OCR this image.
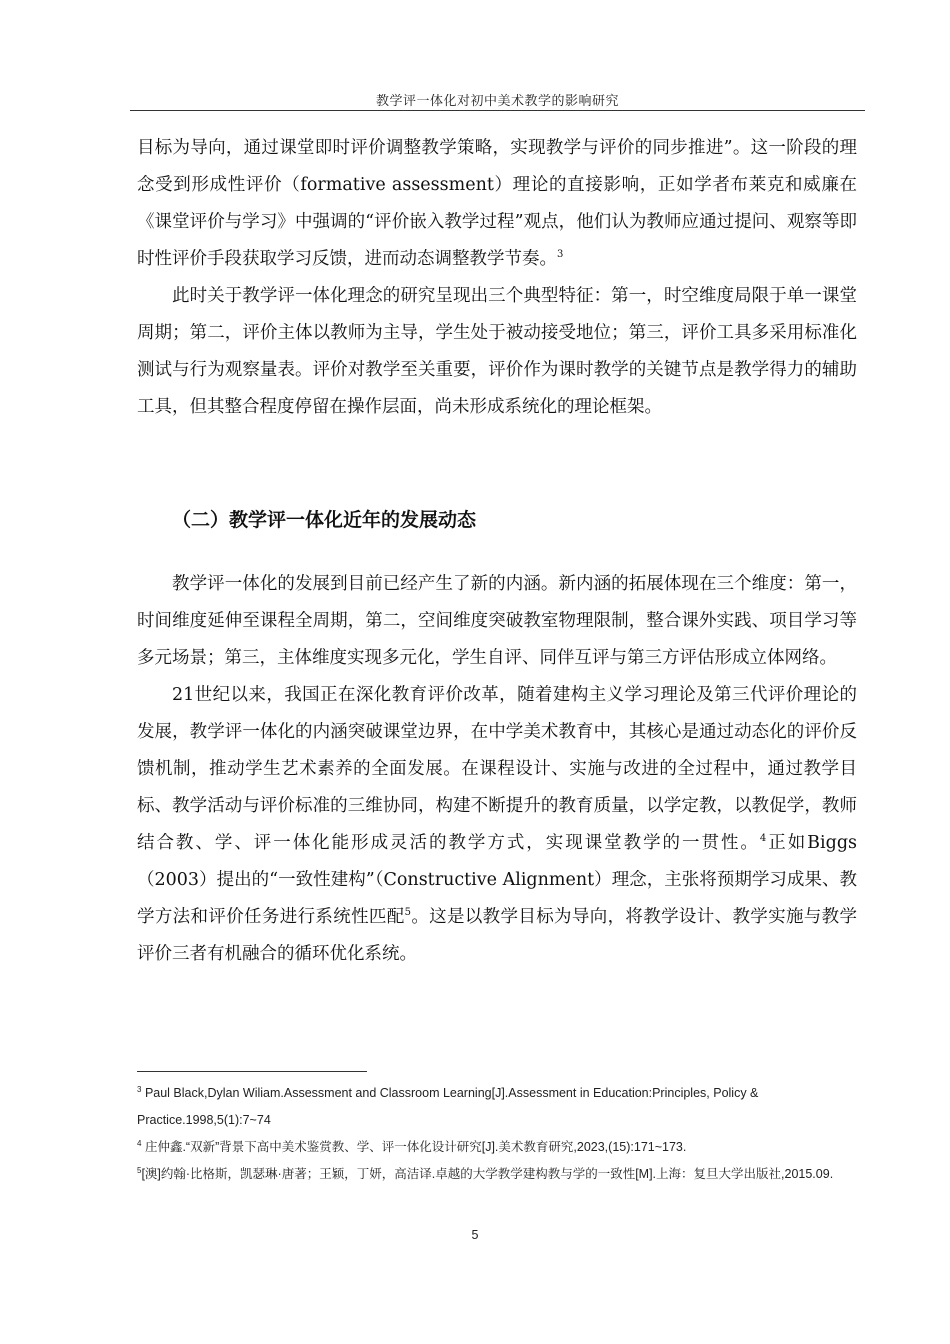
教学评一体化对初中美术教学的影响研究

目标为导向，通过课堂即时评价调整教学策略，实现教学与评价的同步推进”。这一阶段的理念受到形成性评价（formative assessment）理论的直接影响，正如学者布莱克和威廉在《课堂评价与学习》中强调的“评价嵌入教学过程”观点，他们认为教师应通过提问、观察等即时性评价手段获取学习反馈，进而动态调整教学节奏。$^3$

此时关于教学评一体化理念的研究呈现出三个典型特征：第一，时空维度局限于单一课堂周期；第二，评价主体以教师为主导，学生处于被动接受地位；第三，评价工具多采用标准化测试与行为观察量表。评价对教学至关重要，评价作为课时教学的关键节点是教学得力的辅助工具，但其整合程度停留在操作层面，尚未形成系统化的理论框架。

（二）教学评一体化近年的发展动态

教学评一体化的发展到目前已经产生了新的内涵。新内涵的拓展体现在三个维度：第一，时间维度延伸至课程全周期，第二，空间维度突破教室物理限制，整合课外实践、项目学习等多元场景；第三，主体维度实现多元化，学生自评、同伴互评与第三方评估形成立体网络。

21世纪以来，我国正在深化教育评价改革，随着建构主义学习理论及第三代评价理论的发展，教学评一体化的内涵突破课堂边界，在中学美术教育中，其核心是通过动态化的评价反馈机制，推动学生艺术素养的全面发展。在课程设计、实施与改进的全过程中，通过教学目标、教学活动与评价标准的三维协同，构建不断提升的教育质量，以学定教，以教促学，教师结合教、学、评一体化能形成灵活的教学方式，实现课堂教学的一贯性。$^4$正如Biggs（2003）提出的“一致性建构”（Constructive Alignment）理念，主张将预期学习成果、教学方法和评价任务进行系统性匹配$^5$。这是以教学目标为导向，将教学设计、教学实施与教学评价三者有机融合的循环优化系统。

$^3$ Paul Black,Dylan Wiliam.Assessment and Classroom Learning[J].Assessment in Education:Principles, Policy & Practice.1998,5(1):7~74

$^4$ 庄仲鑫.“双新”背景下高中美术鉴赏教、学、评一体化设计研究[J].美术教育研究,2023,(15):171~173.

$^5$[澳]约翰·比格斯，凯瑟琳·唐著；王颖，丁妍，高洁译.卓越的大学教学建构教与学的一致性[M].上海：复旦大学出版社,2015.09.

5
